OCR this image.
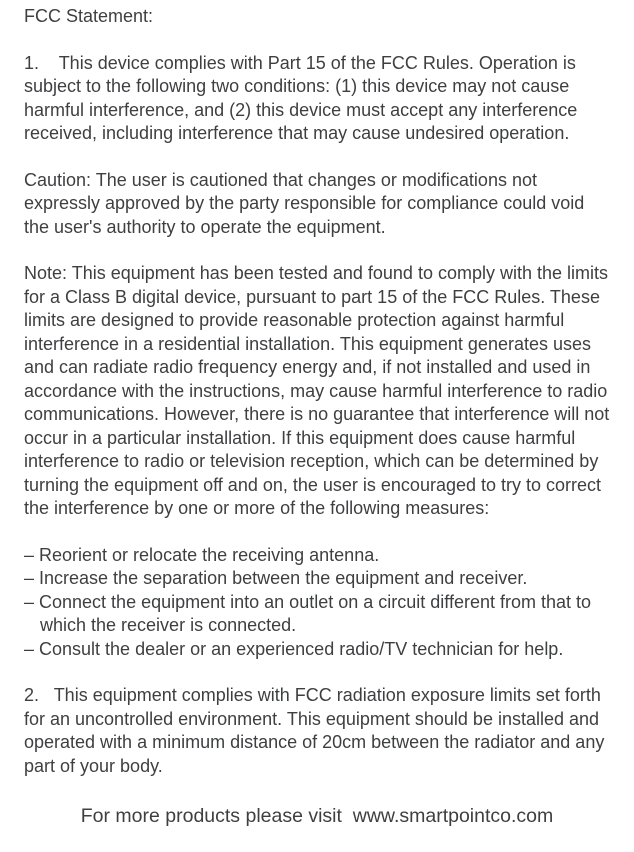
FCC Statement:

1.    This device complies with Part 15 of the FCC Rules. Operation is subject to the following two conditions: (1) this device may not cause harmful interference, and (2) this device must accept any interference received, including interference that may cause undesired operation.

Caution: The user is cautioned that changes or modifications not expressly approved by the party responsible for compliance could void the user's authority to operate the equipment.

Note: This equipment has been tested and found to comply with the limits for a Class B digital device, pursuant to part 15 of the FCC Rules. These limits are designed to provide reasonable protection against harmful interference in a residential installation. This equipment generates uses and can radiate radio frequency energy and, if not installed and used in accordance with the instructions, may cause harmful interference to radio communications. However, there is no guarantee that interference will not occur in a particular installation. If this equipment does cause harmful interference to radio or television reception, which can be determined by turning the equipment off and on, the user is encouraged to try to correct the interference by one or more of the following measures:

– Reorient or relocate the receiving antenna.
– Increase the separation between the equipment and receiver.
– Connect the equipment into an outlet on a circuit different from that to which the receiver is connected.
– Consult the dealer or an experienced radio/TV technician for help.

2.   This equipment complies with FCC radiation exposure limits set forth for an uncontrolled environment. This equipment should be installed and operated with a minimum distance of 20cm between the radiator and any part of your body.

For more products please visit  www.smartpointco.com
